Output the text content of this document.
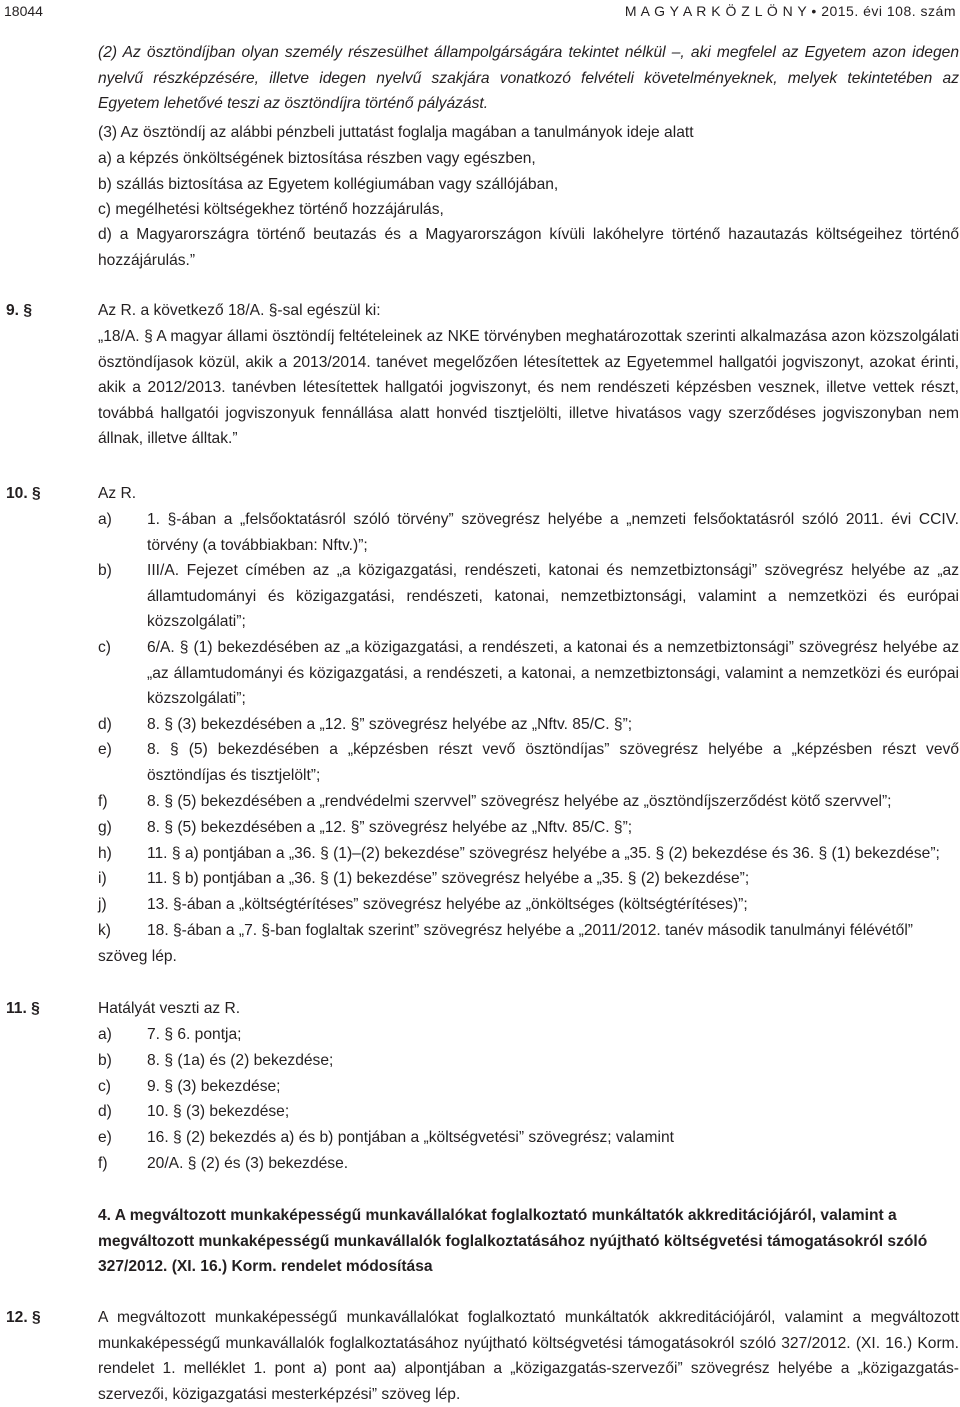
18044	M A G Y A R K Ö Z L Ö N Y • 2015. évi 108. szám
(2) Az ösztöndíjban olyan személy részesülhet állampolgárságára tekintet nélkül –, aki megfelel az Egyetem azon idegen nyelvű részképzésére, illetve idegen nyelvű szakjára vonatkozó felvételi követelményeknek, melyek tekintetében az Egyetem lehetővé teszi az ösztöndíjra történő pályázást.
(3) Az ösztöndíj az alábbi pénzbeli juttatást foglalja magában a tanulmányok ideje alatt
a) a képzés önköltségének biztosítása részben vagy egészben,
b) szállás biztosítása az Egyetem kollégiumában vagy szállójában,
c) megélhetési költségekhez történő hozzájárulás,
d) a Magyarországra történő beutazás és a Magyarországon kívüli lakóhelyre történő hazautazás költségeihez történő hozzájárulás.”
9. §	Az R. a következő 18/A. §-sal egészül ki:
„18/A. § A magyar állami ösztöndíj feltételeinek az NKE törvényben meghatározottak szerinti alkalmazása azon közszolgálati ösztöndíjasok közül, akik a 2013/2014. tanévet megelőzően létesítettek az Egyetemmel hallgatói jogviszonyt, azokat érinti, akik a 2012/2013. tanévben létesítettek hallgatói jogviszonyt, és nem rendészeti képzésben vesznek, illetve vettek részt, továbbá hallgatói jogviszonyuk fennállása alatt honvéd tisztjelölti, illetve hivatásos vagy szerződéses jogviszonyban nem állnak, illetve álltak.”
10. §	Az R.
a) 1. §-ában a „felsőoktatásról szóló törvény” szövegrész helyébe a „nemzeti felsőoktatásról szóló 2011. évi CCIV. törvény (a továbbiakban: Nftv.)”;
b) III/A. Fejezet címében az „a közigazgatási, rendészeti, katonai és nemzetbiztonsági” szövegrész helyébe az „az államtudományi és közigazgatási, rendészeti, katonai, nemzetbiztonsági, valamint a nemzetközi és európai közszolgálati”;
c) 6/A. § (1) bekezdésében az „a közigazgatási, a rendészeti, a katonai és a nemzetbiztonsági” szövegrész helyébe az „az államtudományi és közigazgatási, a rendészeti, a katonai, a nemzetbiztonsági, valamint a nemzetközi és európai közszolgálati”;
d) 8. § (3) bekezdésében a „12. §” szövegrész helyébe az „Nftv. 85/C. §”;
e) 8. § (5) bekezdésében a „képzésben részt vevő ösztöndíjas” szövegrész helyébe a „képzésben részt vevő ösztöndíjas és tisztjelölt”;
f)	8. § (5) bekezdésében a „rendvédelmi szervvel” szövegrész helyébe az „ösztöndíjszerződést kötő szervvel”;
g) 8. § (5) bekezdésében a „12. §” szövegrész helyébe az „Nftv. 85/C. §”;
h) 11. § a) pontjában a „36. § (1)–(2) bekezdése” szövegrész helyébe a „35. § (2) bekezdése és 36. § (1) bekezdése”;
i)	11. § b) pontjában a „36. § (1) bekezdése” szövegrész helyébe a „35. § (2) bekezdése”;
j)	13. §-ában a „költségtérítéses” szövegrész helyébe az „önköltséges (költségtérítéses)”;
k) 18. §-ában a „7. §-ban foglaltak szerint” szövegrész helyébe a „2011/2012. tanév második tanulmányi félévétől”
szöveg lép.
11. §	Hatályát veszti az R.
a) 7. § 6. pontja;
b) 8. § (1a) és (2) bekezdése;
c) 9. § (3) bekezdése;
d) 10. § (3) bekezdése;
e) 16. § (2) bekezdés a) és b) pontjában a „költségvetési” szövegrész; valamint
f)	20/A. § (2) és (3) bekezdése.
4. A megváltozott munkaképességű munkavállalókat foglalkoztató munkáltatók akkreditációjáról, valamint a megváltozott munkaképességű munkavállalók foglalkoztatásához nyújtható költségvetési támogatásokról szóló 327/2012. (XI. 16.) Korm. rendelet módosítása
12. §	A megváltozott munkaképességű munkavállalókat foglalkoztató munkáltatók akkreditációjáról, valamint a megváltozott munkaképességű munkavállalók foglalkoztatásához nyújtható költségvetési támogatásokról szóló 327/2012. (XI. 16.) Korm. rendelet 1. melléklet 1. pont a) pont aa) alpontjában a „közigazgatás-szervezői” szövegrész helyébe a „közigazgatás-szervezői, közigazgatási mesterképzési” szöveg lép.
